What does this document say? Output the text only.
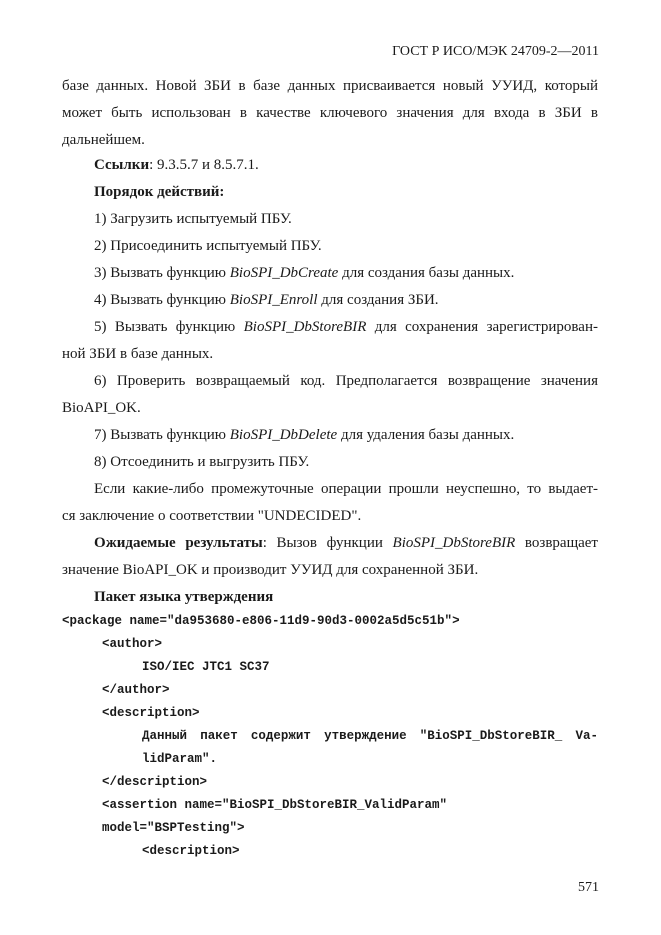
ГОСТ Р ИСО/МЭК 24709-2—2011
базе данных. Новой ЗБИ в базе данных присваивается новый УУИД, который
может быть использован в качестве ключевого значения для входа в ЗБИ в
дальнейшем.
Ссылки: 9.3.5.7 и 8.5.7.1.
Порядок действий:
1) Загрузить испытуемый ПБУ.
2) Присоединить испытуемый ПБУ.
3) Вызвать функцию BioSPI_DbCreate для создания базы данных.
4) Вызвать функцию BioSPI_Enroll для создания ЗБИ.
5) Вызвать функцию BioSPI_DbStoreBIR для сохранения зарегистрирован-
ной ЗБИ в базе данных.
6) Проверить возвращаемый код. Предполагается возвращение значения
BioAPI_OK.
7) Вызвать функцию BioSPI_DbDelete для удаления базы данных.
8) Отсоединить и выгрузить ПБУ.
Если какие-либо промежуточные операции прошли неуспешно, то выдает-
ся заключение о соответствии "UNDECIDED".
Ожидаемые результаты: Вызов функции BioSPI_DbStoreBIR возвращает
значение BioAPI_OK и производит УУИД для сохраненной ЗБИ.
Пакет языка утверждения
<package name="da953680-e806-11d9-90d3-0002a5d5c51b">
<author>
ISO/IEC JTC1 SC37
</author>
<description>
Данный пакет содержит утверждение "BioSPI_DbStoreBIR_ Va-
lidParam".
</description>
<assertion name="BioSPI_DbStoreBIR_ValidParam"
model="BSPTesting">
<description>
571
